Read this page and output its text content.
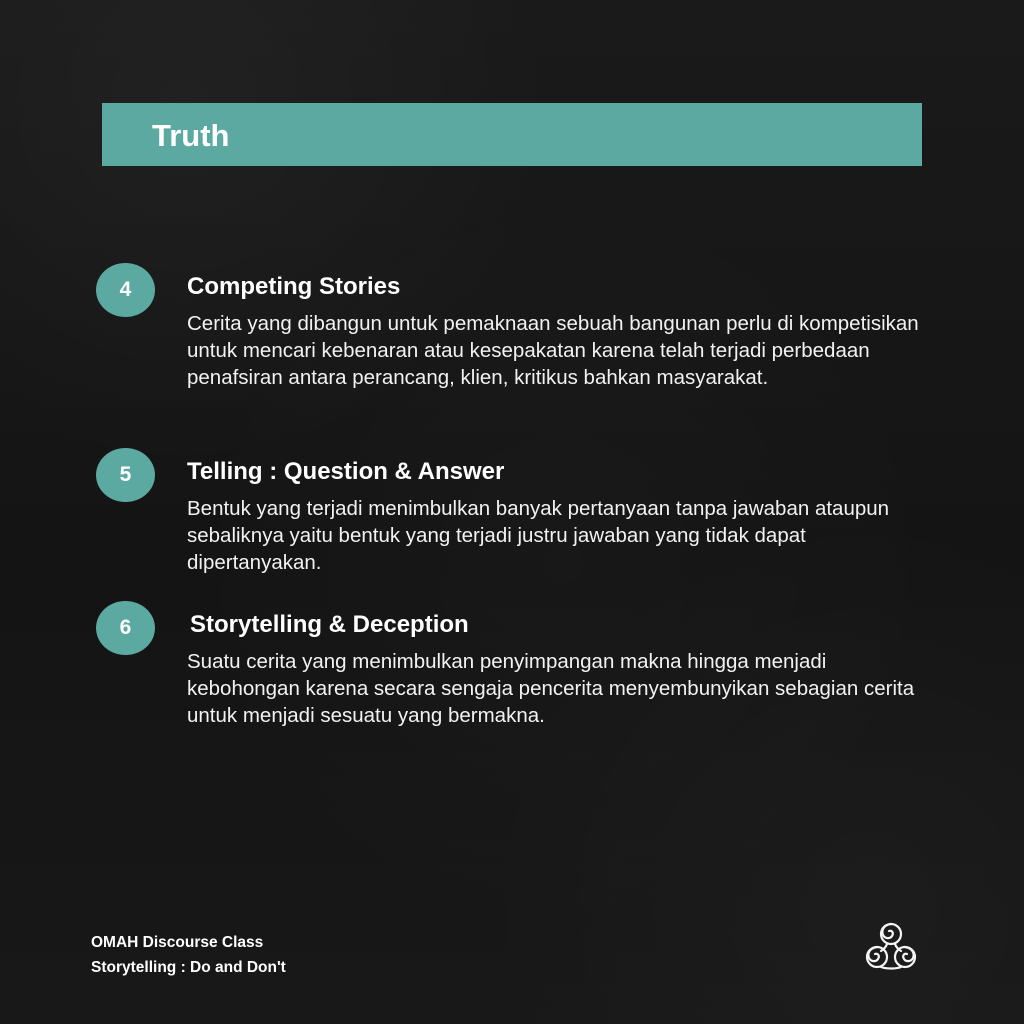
Truth
4	Competing Stories

Cerita yang dibangun untuk pemaknaan sebuah bangunan perlu di kompetisikan untuk mencari kebenaran atau kesepakatan karena telah terjadi perbedaan penafsiran antara perancang, klien, kritikus bahkan masyarakat.

5	Telling : Question & Answer

Bentuk yang terjadi menimbulkan banyak pertanyaan tanpa jawaban ataupun sebaliknya yaitu bentuk yang terjadi justru jawaban yang tidak dapat dipertanyakan.

6	Storytelling & Deception

Suatu cerita yang menimbulkan penyimpangan makna hingga menjadi kebohongan karena secara sengaja pencerita menyembunyikan sebagian cerita untuk menjadi sesuatu yang bermakna.

OMAH Discourse Class
Storytelling : Do and Don't
